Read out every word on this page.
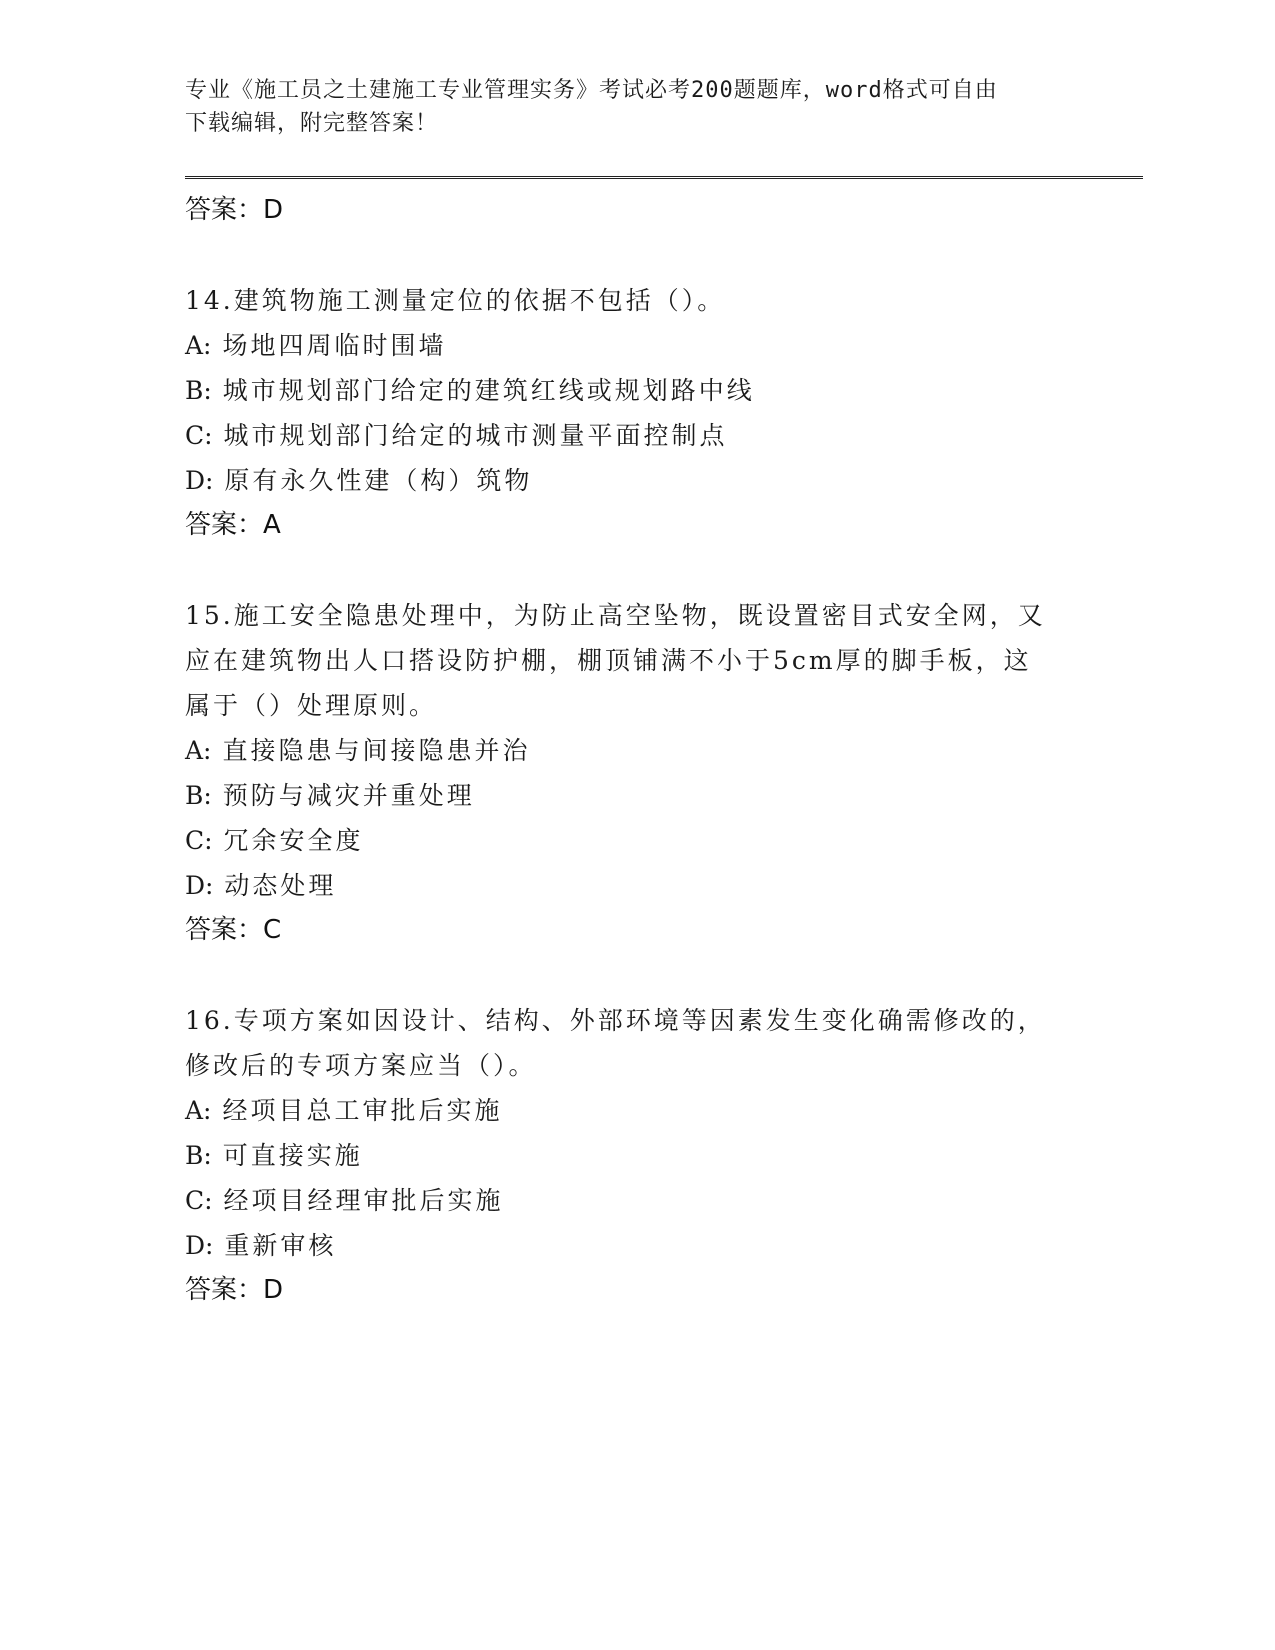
专业《施工员之土建施工专业管理实务》考试必考200题题库，word格式可自由
下载编辑，附完整答案！
答案：D
14.建筑物施工测量定位的依据不包括（）。
A: 场地四周临时围墙
B: 城市规划部门给定的建筑红线或规划路中线
C: 城市规划部门给定的城市测量平面控制点
D: 原有永久性建（构）筑物
答案：A
15.施工安全隐患处理中，为防止高空坠物，既设置密目式安全网，又
应在建筑物出人口搭设防护棚，棚顶铺满不小于5cm厚的脚手板，这
属于（）处理原则。
A: 直接隐患与间接隐患并治
B: 预防与减灾并重处理
C: 冗余安全度
D: 动态处理
答案：C
16.专项方案如因设计、结构、外部环境等因素发生变化确需修改的，
修改后的专项方案应当（）。
A: 经项目总工审批后实施
B: 可直接实施
C: 经项目经理审批后实施
D: 重新审核
答案：D
